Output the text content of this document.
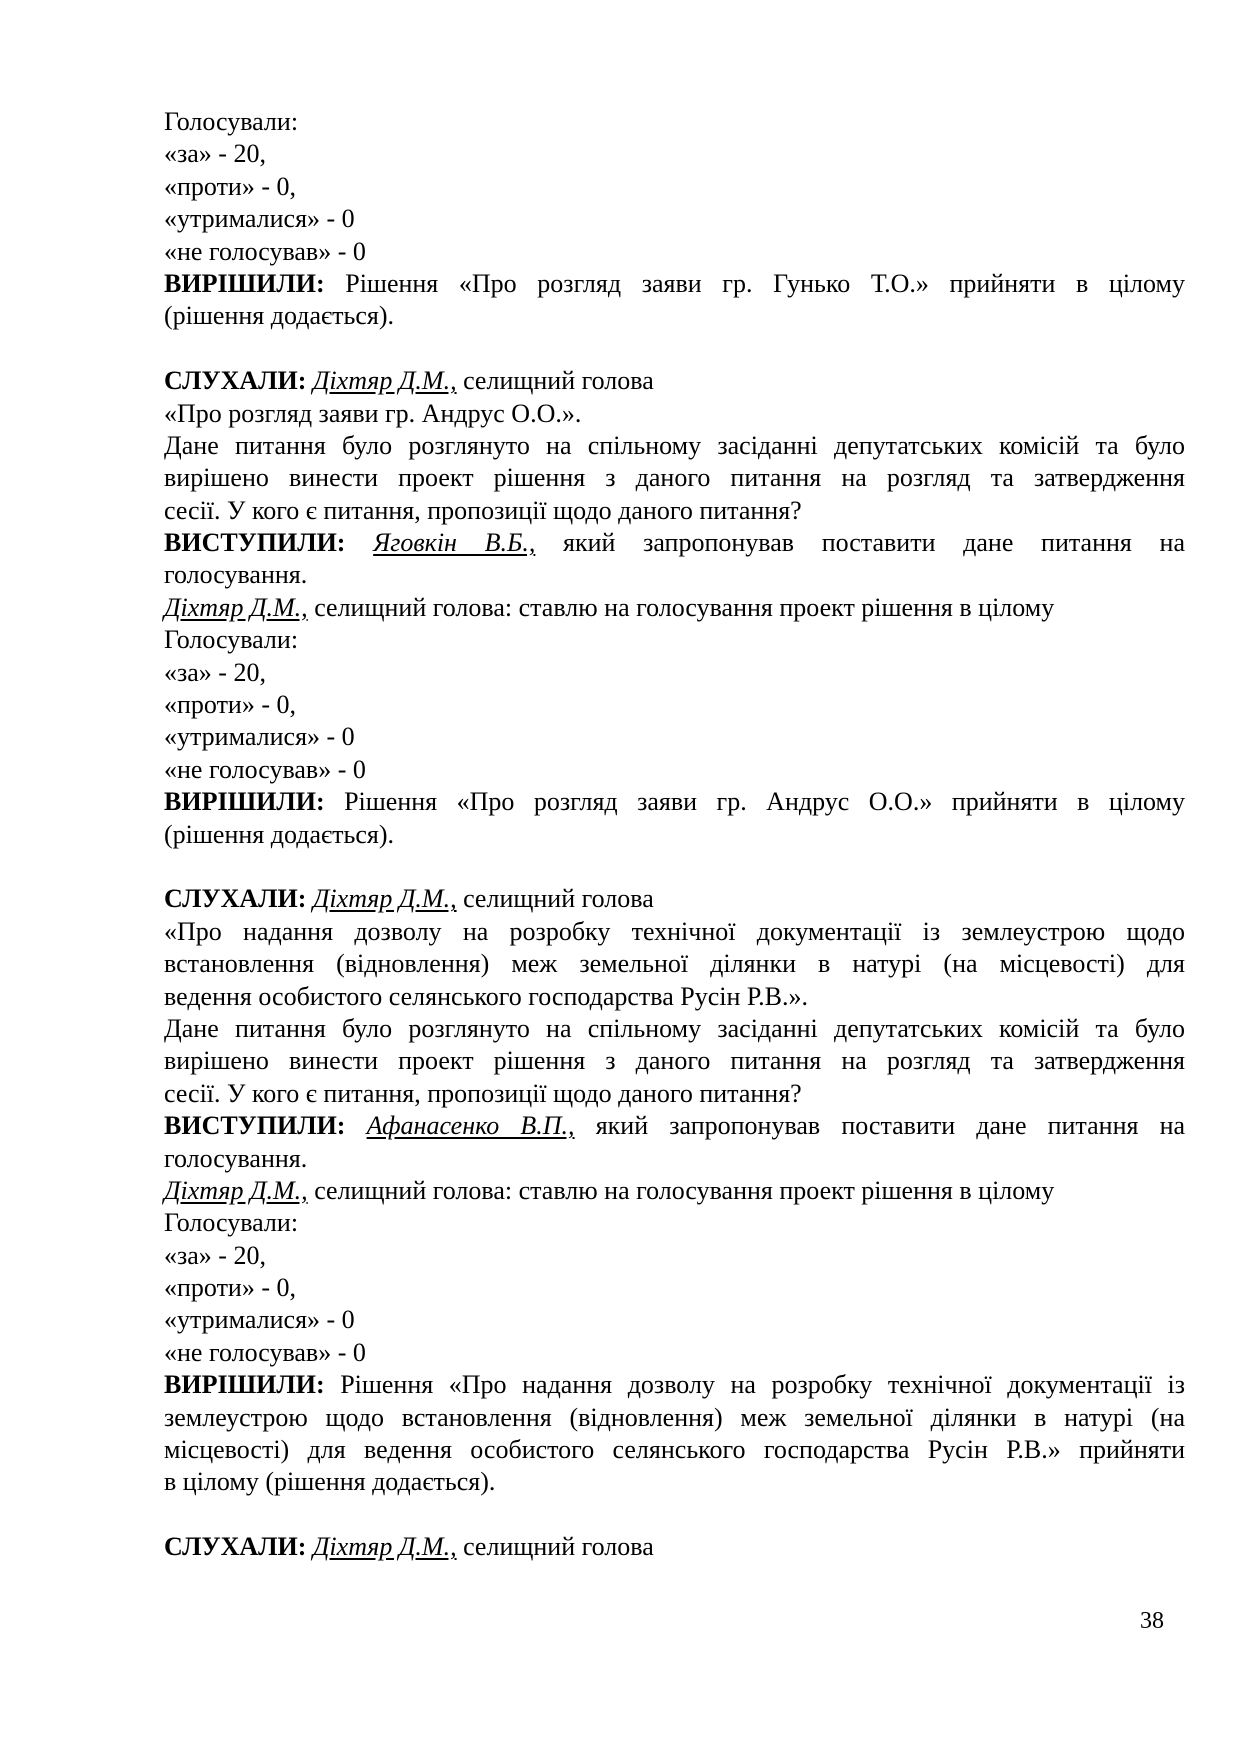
Голосували:
«за» - 20,
«проти» - 0,
«утрималися» - 0
«не голосував» - 0
ВИРІШИЛИ: Рішення «Про розгляд заяви гр. Гунько Т.О.» прийняти в цілому
(рішення додається).
СЛУХАЛИ: Діхтяр Д.М., селищний голова
«Про розгляд заяви гр. Андрус О.О.».
Дане питання було розглянуто на спільному засіданні депутатських комісій та було
вирішено винести проект рішення з даного питання на розгляд та затвердження
сесії. У кого є питання, пропозиції щодо даного питання?
ВИСТУПИЛИ: Яговкін В.Б., який запропонував поставити дане питання на
голосування.
Діхтяр Д.М., селищний голова: ставлю на голосування проект рішення в цілому
Голосували:
«за» - 20,
«проти» - 0,
«утрималися» - 0
«не голосував» - 0
ВИРІШИЛИ: Рішення «Про розгляд заяви гр. Андрус О.О.» прийняти в цілому
(рішення додається).
СЛУХАЛИ: Діхтяр Д.М., селищний голова
«Про надання дозволу на розробку технічної документації із землеустрою щодо
встановлення (відновлення) меж земельної ділянки в натурі (на місцевості) для
ведення особистого селянського господарства Русін Р.В.».
Дане питання було розглянуто на спільному засіданні депутатських комісій та було
вирішено винести проект рішення з даного питання на розгляд та затвердження
сесії. У кого є питання, пропозиції щодо даного питання?
ВИСТУПИЛИ: Афанасенко В.П., який запропонував поставити дане питання на
голосування.
Діхтяр Д.М., селищний голова: ставлю на голосування проект рішення в цілому
Голосували:
«за» - 20,
«проти» - 0,
«утрималися» - 0
«не голосував» - 0
ВИРІШИЛИ: Рішення «Про надання дозволу на розробку технічної документації із
землеустрою щодо встановлення (відновлення) меж земельної ділянки в натурі (на
місцевості) для ведення особистого селянського господарства Русін Р.В.» прийняти
в цілому (рішення додається).
СЛУХАЛИ: Діхтяр Д.М., селищний голова
38
